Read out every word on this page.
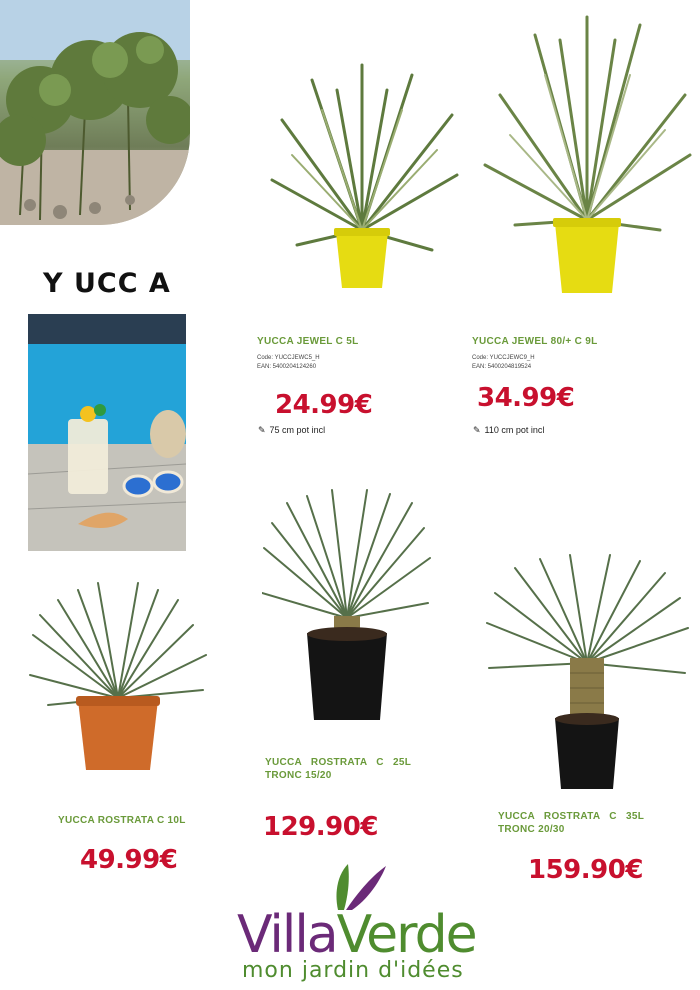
Y UCC A
YUCCA JEWEL C 5L
Code: YUCCJEWC5_H
EAN: 5400204124260
24.99€
✎ 75 cm pot incl
YUCCA JEWEL 80/+ C 9L
Code: YUCCJEWC9_H
EAN: 5400204819524
34.99€
✎ 110 cm pot incl
YUCCA ROSTRATA C 10L
49.99€
YUCCA   ROSTRATA   C   25L
TRONC 15/20
129.90€	YUCCA   ROSTRATA   C   35L
TRONC 20/30
159.90€
VillaVerde
mon jardin d'idées
